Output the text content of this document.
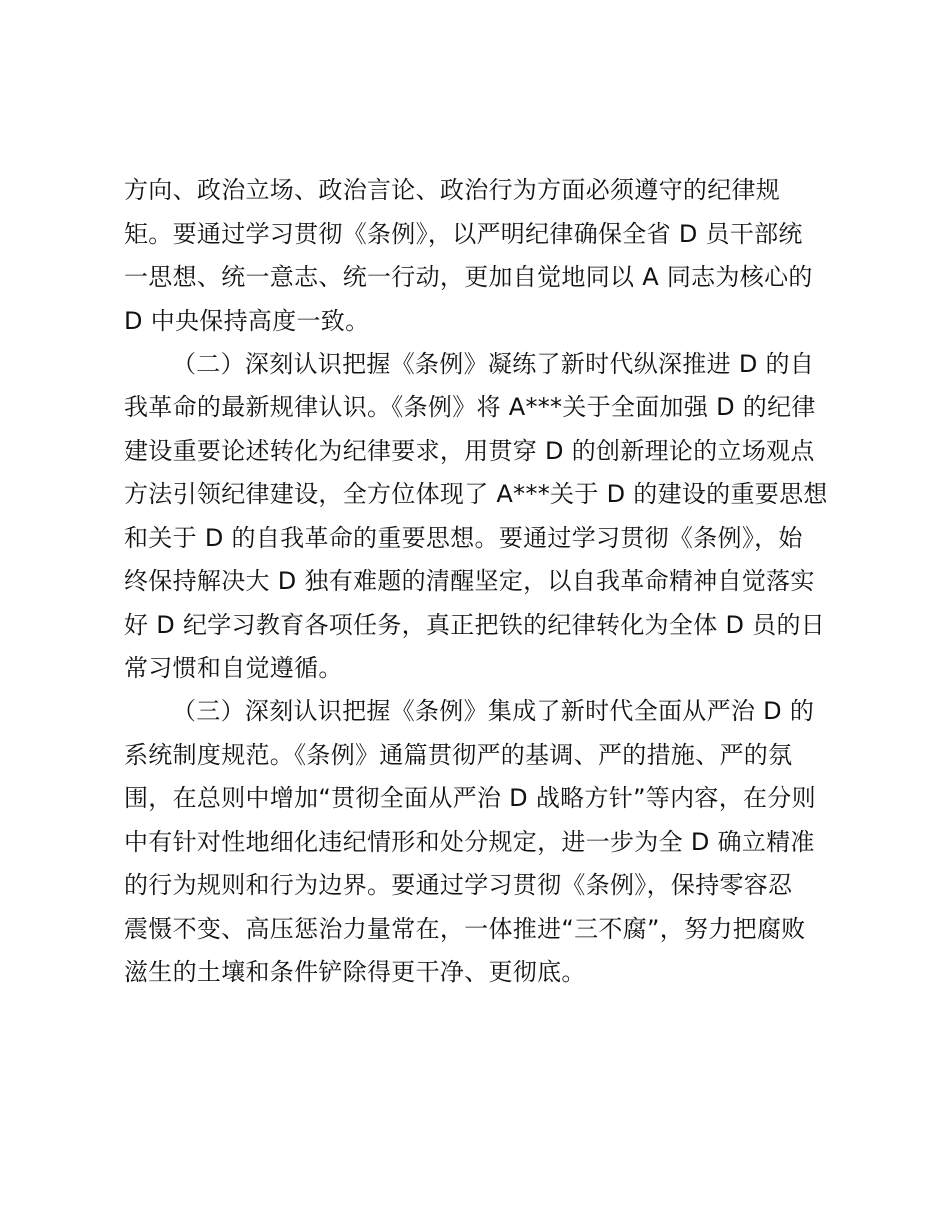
方向、政治立场、政治言论、政治行为方面必须遵守的纪律规
矩。要通过学习贯彻《条例》，以严明纪律确保全省 D 员干部统
一思想、统一意志、统一行动，更加自觉地同以 A 同志为核心的
D 中央保持高度一致。
（二）深刻认识把握《条例》凝练了新时代纵深推进 D 的自
我革命的最新规律认识。《条例》将 A***关于全面加强 D 的纪律
建设重要论述转化为纪律要求，用贯穿 D 的创新理论的立场观点
方法引领纪律建设，全方位体现了 A***关于 D 的建设的重要思想
和关于 D 的自我革命的重要思想。要通过学习贯彻《条例》，始
终保持解决大 D 独有难题的清醒坚定，以自我革命精神自觉落实
好 D 纪学习教育各项任务，真正把铁的纪律转化为全体 D 员的日
常习惯和自觉遵循。
（三）深刻认识把握《条例》集成了新时代全面从严治 D 的
系统制度规范。《条例》通篇贯彻严的基调、严的措施、严的氛
围，在总则中增加“贯彻全面从严治 D 战略方针”等内容，在分则
中有针对性地细化违纪情形和处分规定，进一步为全 D 确立精准
的行为规则和行为边界。要通过学习贯彻《条例》，保持零容忍
震慑不变、高压惩治力量常在，一体推进“三不腐”，努力把腐败
滋生的土壤和条件铲除得更干净、更彻底。
